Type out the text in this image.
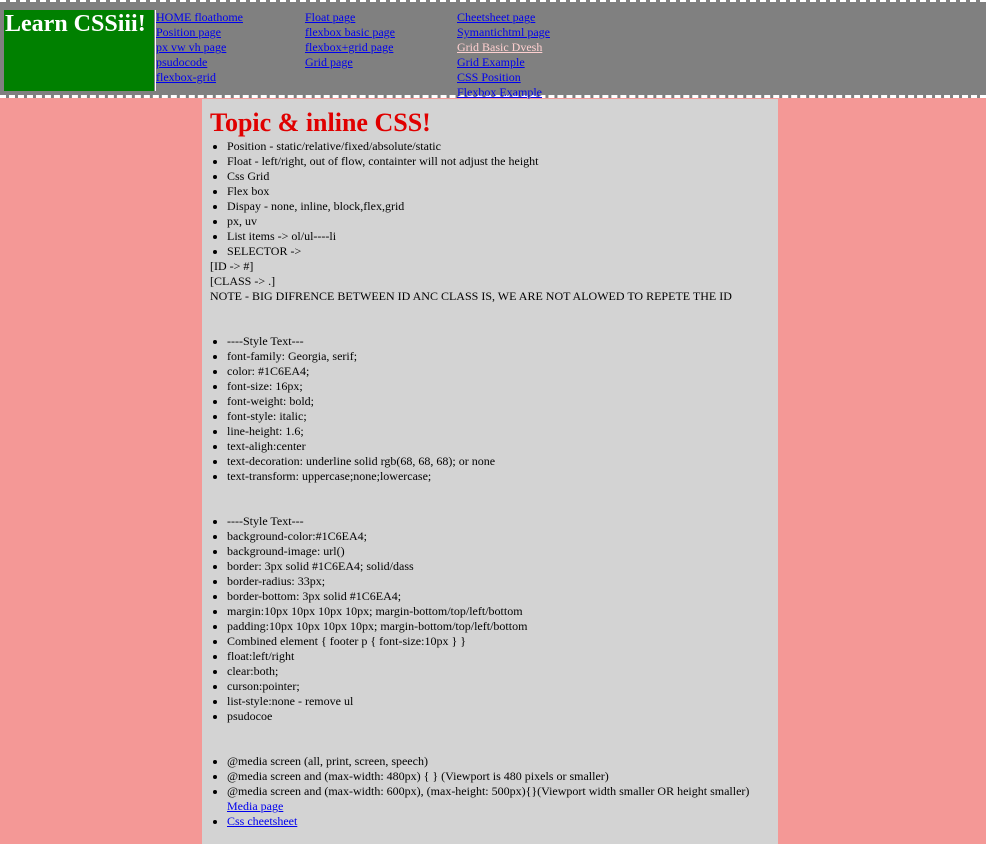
Learn CSSiii! HOME floathome
Position page
px vw vh page
psudocode
flexbox-grid
Float page
flexbox basic page
flexbox+grid page
Grid page
Cheetsheet page
Symantichtml page
Grid Basic Dvesh
Grid Example
CSS Position
Flexbox Example
Topic & inline CSS!
• Position - static/relative/fixed/absolute/static
• Float - left/right, out of flow, containter will not adjust the height
• Css Grid
• Flex box
• Dispay - none, inline, block,flex,grid
• px, uv
• List items -> ol/ul----li
• SELECTOR ->
[ID -> #]
[CLASS -> .]
NOTE - BIG DIFRENCE BETWEEN ID ANC CLASS IS, WE ARE NOT ALOWED TO REPETE THE ID
• ----Style Text---
• font-family: Georgia, serif;
• color: #1C6EA4;
• font-size: 16px;
• font-weight: bold;
• font-style: italic;
• line-height: 1.6;
• text-aligh:center
• text-decoration: underline solid rgb(68, 68, 68); or none
• text-transform: uppercase;none;lowercase;
• ----Style Text---
• background-color:#1C6EA4;
• background-image: url()
• border: 3px solid #1C6EA4; solid/dass
• border-radius: 33px;
• border-bottom: 3px solid #1C6EA4;
• margin:10px 10px 10px 10px; margin-bottom/top/left/bottom
• padding:10px 10px 10px 10px; margin-bottom/top/left/bottom
• Combined element { footer p { font-size:10px } }
• float:left/right
• clear:both;
• curson:pointer;
• list-style:none - remove ul
• psudocoe
• @media screen (all, print, screen, speech)
• @media screen and (max-width: 480px) { } (Viewport is 480 pixels or smaller)
• @media screen and (max-width: 600px), (max-height: 500px){}(Viewport width smaller OR height smaller) Media page
• Css cheetsheet
